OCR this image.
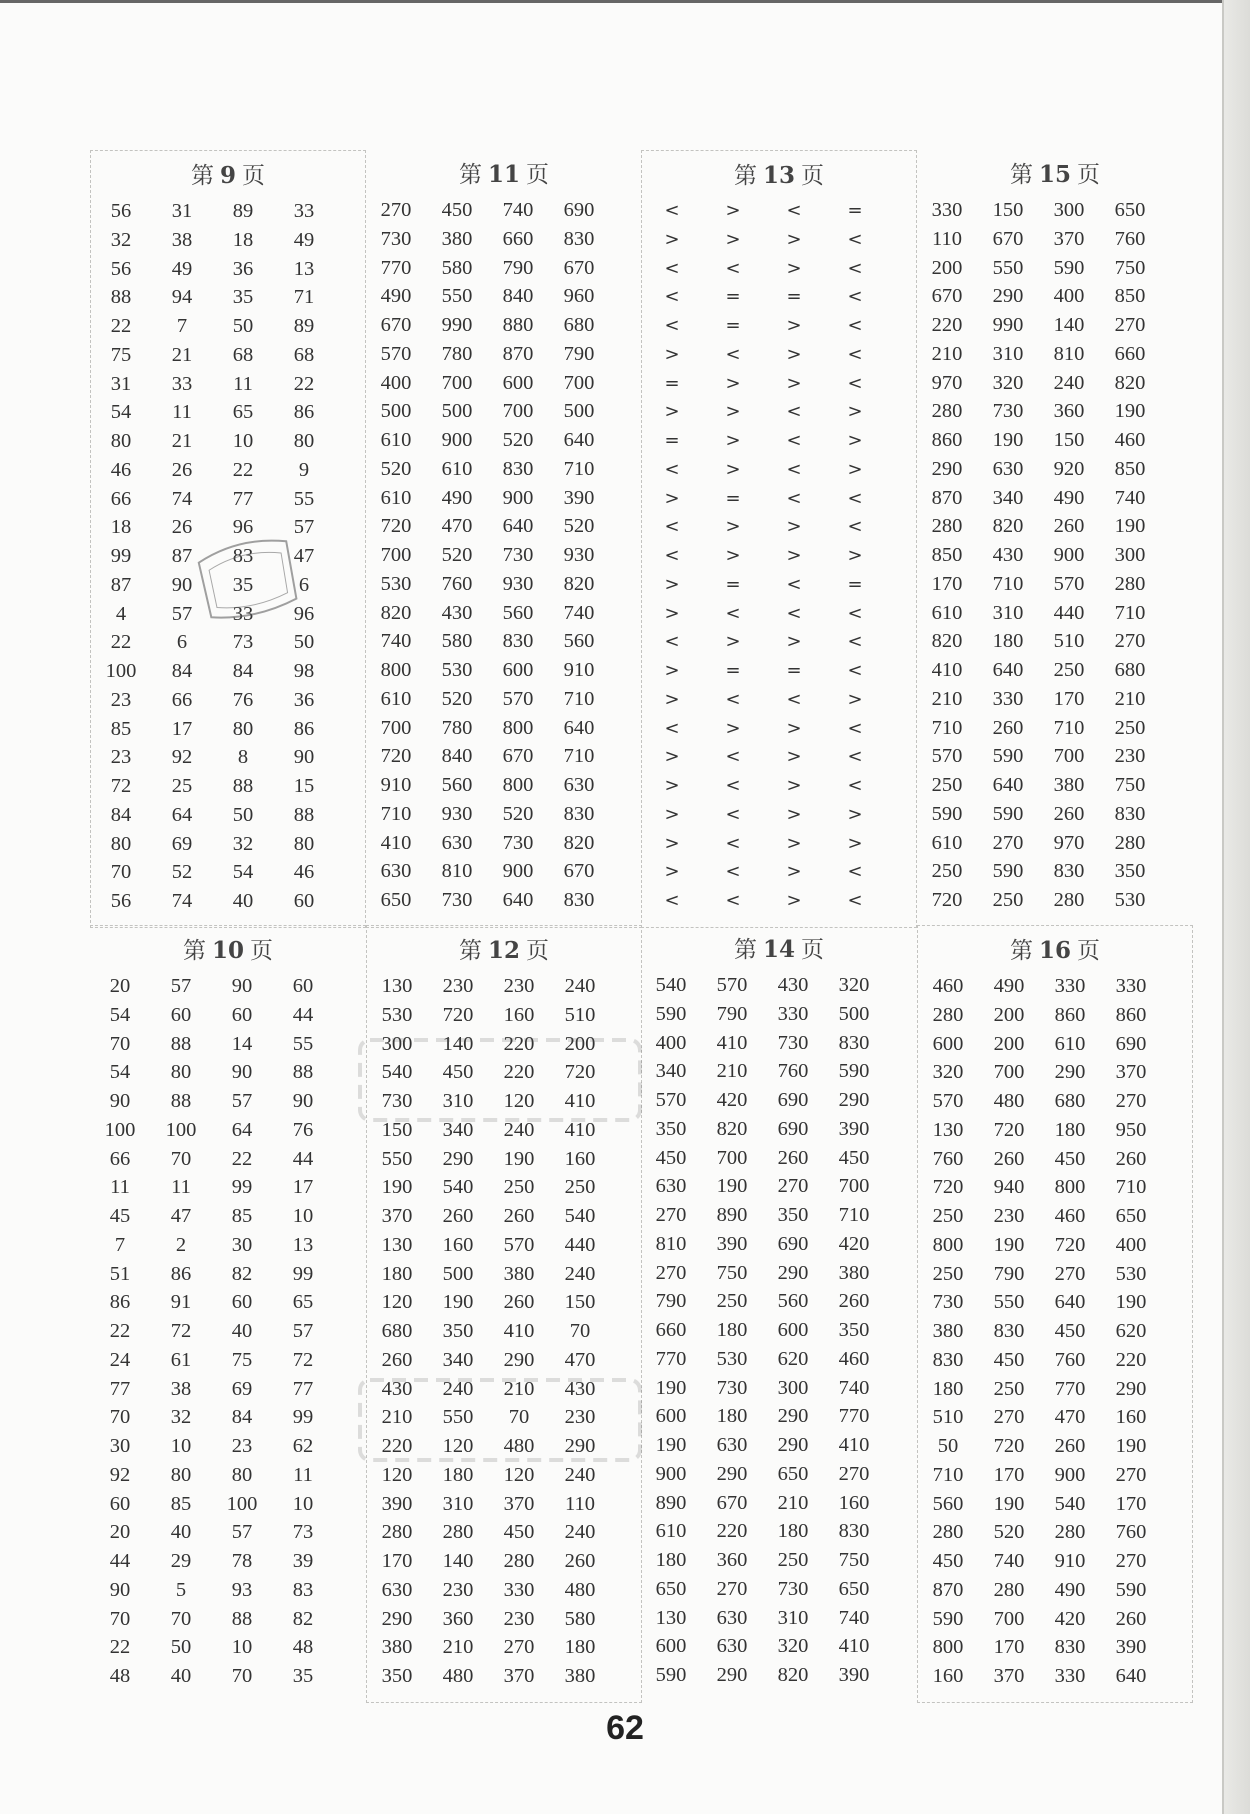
第 9 页
56	31	89	33
32	38	18	49
56	49	36	13
88	94	35	71
22	7	50	89
75	21	68	68
31	33	11	22
54	11	65	86
80	21	10	80
46	26	22	9
66	74	77	55
18	26	96	57
99	87	83	47
87	90	35	6
4	57	33	96
22	6	73	50
100	84	84	98
23	66	76	36
85	17	80	86
23	92	8	90
72	25	88	15
84	64	50	88
80	69	32	80
70	52	54	46
56	74	40	60
第 11 页
270	450	740	690
730	380	660	830
770	580	790	670
490	550	840	960
670	990	880	680
570	780	870	790
400	700	600	700
500	500	700	500
610	900	520	640
520	610	830	710
610	490	900	390
720	470	640	520
700	520	730	930
530	760	930	820
820	430	560	740
740	580	830	560
800	530	600	910
610	520	570	710
700	780	800	640
720	840	670	710
910	560	800	630
710	930	520	830
410	630	730	820
630	810	900	670
650	730	640	830
第 13 页
<	>	<	=
>	>	>	<
<	<	>	<
<	=	=	<
<	=	>	<
>	<	>	<
=	>	>	<
>	>	<	>
=	>	<	>
<	>	<	>
>	=	<	<
<	>	>	<
<	>	>	>
>	=	<	=
>	<	<	<
<	>	>	<
>	=	=	<
>	<	<	>
<	>	>	<
>	<	>	<
>	<	>	<
>	<	>	>
>	<	>	>
>	<	>	<
<	<	>	<
第 15 页
330	150	300	650
110	670	370	760
200	550	590	750
670	290	400	850
220	990	140	270
210	310	810	660
970	320	240	820
280	730	360	190
860	190	150	460
290	630	920	850
870	340	490	740
280	820	260	190
850	430	900	300
170	710	570	280
610	310	440	710
820	180	510	270
410	640	250	680
210	330	170	210
710	260	710	250
570	590	700	230
250	640	380	750
590	590	260	830
610	270	970	280
250	590	830	350
720	250	280	530
第 10 页
20	57	90	60
54	60	60	44
70	88	14	55
54	80	90	88
90	88	57	90
100	100	64	76
66	70	22	44
11	11	99	17
45	47	85	10
7	2	30	13
51	86	82	99
86	91	60	65
22	72	40	57
24	61	75	72
77	38	69	77
70	32	84	99
30	10	23	62
92	80	80	11
60	85	100	10
20	40	57	73
44	29	78	39
90	5	93	83
70	70	88	82
22	50	10	48
48	40	70	35
第 12 页
130	230	230	240
530	720	160	510
300	140	220	200
540	450	220	720
730	310	120	410
150	340	240	410
550	290	190	160
190	540	250	250
370	260	260	540
130	160	570	440
180	500	380	240
120	190	260	150
680	350	410	70
260	340	290	470
430	240	210	430
210	550	70	230
220	120	480	290
120	180	120	240
390	310	370	110
280	280	450	240
170	140	280	260
630	230	330	480
290	360	230	580
380	210	270	180
350	480	370	380
第 14 页
540	570	430	320
590	790	330	500
400	410	730	830
340	210	760	590
570	420	690	290
350	820	690	390
450	700	260	450
630	190	270	700
270	890	350	710
810	390	690	420
270	750	290	380
790	250	560	260
660	180	600	350
770	530	620	460
190	730	300	740
600	180	290	770
190	630	290	410
900	290	650	270
890	670	210	160
610	220	180	830
180	360	250	750
650	270	730	650
130	630	310	740
600	630	320	410
590	290	820	390
第 16 页
460	490	330	330
280	200	860	860
600	200	610	690
320	700	290	370
570	480	680	270
130	720	180	950
760	260	450	260
720	940	800	710
250	230	460	650
800	190	720	400
250	790	270	530
730	550	640	190
380	830	450	620
830	450	760	220
180	250	770	290
510	270	470	160
50	720	260	190
710	170	900	270
560	190	540	170
280	520	280	760
450	740	910	270
870	280	490	590
590	700	420	260
800	170	830	390
160	370	330	640
62
